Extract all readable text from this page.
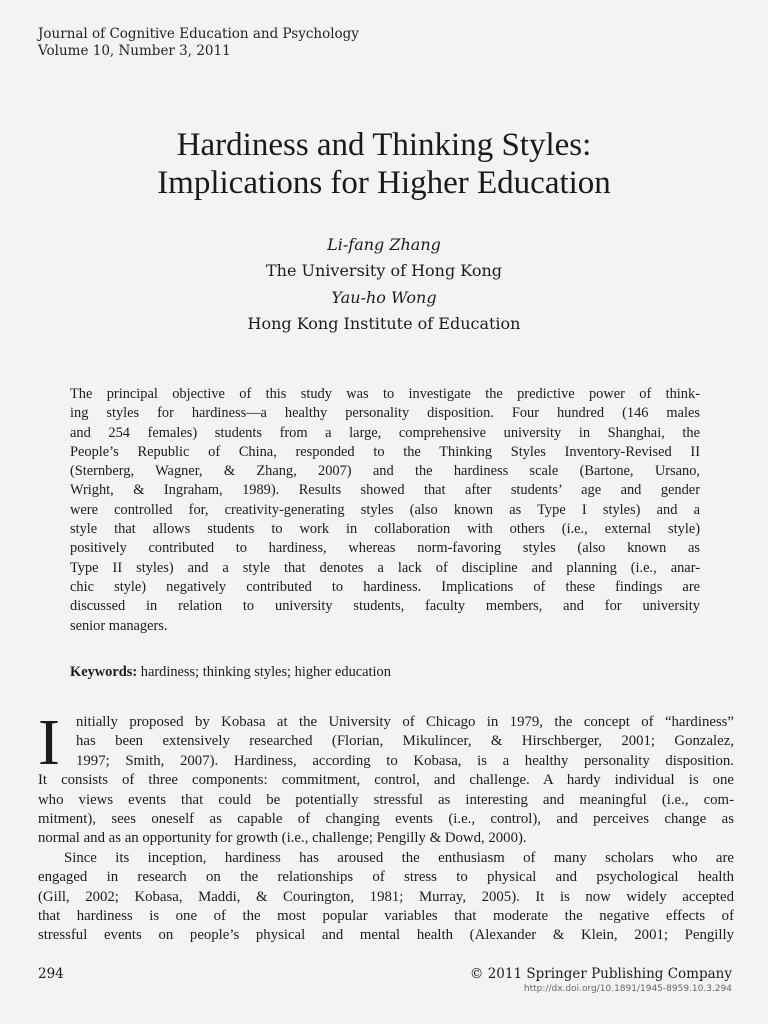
Journal of Cognitive Education and Psychology
Volume 10, Number 3, 2011
Hardiness and Thinking Styles:
Implications for Higher Education
Li-fang Zhang
The University of Hong Kong
Yau-ho Wong
Hong Kong Institute of Education
The principal objective of this study was to investigate the predictive power of think-
ing styles for hardiness—a healthy personality disposition. Four hundred (146 males
and 254 females) students from a large, comprehensive university in Shanghai, the
People’s Republic of China, responded to the Thinking Styles Inventory-Revised II
(Sternberg, Wagner, & Zhang, 2007) and the hardiness scale (Bartone, Ursano,
Wright, & Ingraham, 1989). Results showed that after students’ age and gender
were controlled for, creativity-generating styles (also known as Type I styles) and a
style that allows students to work in collaboration with others (i.e., external style)
positively contributed to hardiness, whereas norm-favoring styles (also known as
Type II styles) and a style that denotes a lack of discipline and planning (i.e., anar-
chic style) negatively contributed to hardiness. Implications of these findings are
discussed in relation to university students, faculty members, and for university
senior managers.
Keywords: hardiness; thinking styles; higher education
I nitially proposed by Kobasa at the University of Chicago in 1979, the concept of “hardiness”
has been extensively researched (Florian, Mikulincer, & Hirschberger, 2001; Gonzalez,
1997; Smith, 2007). Hardiness, according to Kobasa, is a healthy personality disposition.
It consists of three components: commitment, control, and challenge. A hardy individual is one
who views events that could be potentially stressful as interesting and meaningful (i.e., com-
mitment), sees oneself as capable of changing events (i.e., control), and perceives change as
normal and as an opportunity for growth (i.e., challenge; Pengilly & Dowd, 2000).
Since its inception, hardiness has aroused the enthusiasm of many scholars who are
engaged in research on the relationships of stress to physical and psychological health
(Gill, 2002; Kobasa, Maddi, & Courington, 1981; Murray, 2005). It is now widely accepted
that hardiness is one of the most popular variables that moderate the negative effects of
stressful events on people’s physical and mental health (Alexander & Klein, 2001; Pengilly
294	© 2011 Springer Publishing Company
http://dx.doi.org/10.1891/1945-8959.10.3.294
